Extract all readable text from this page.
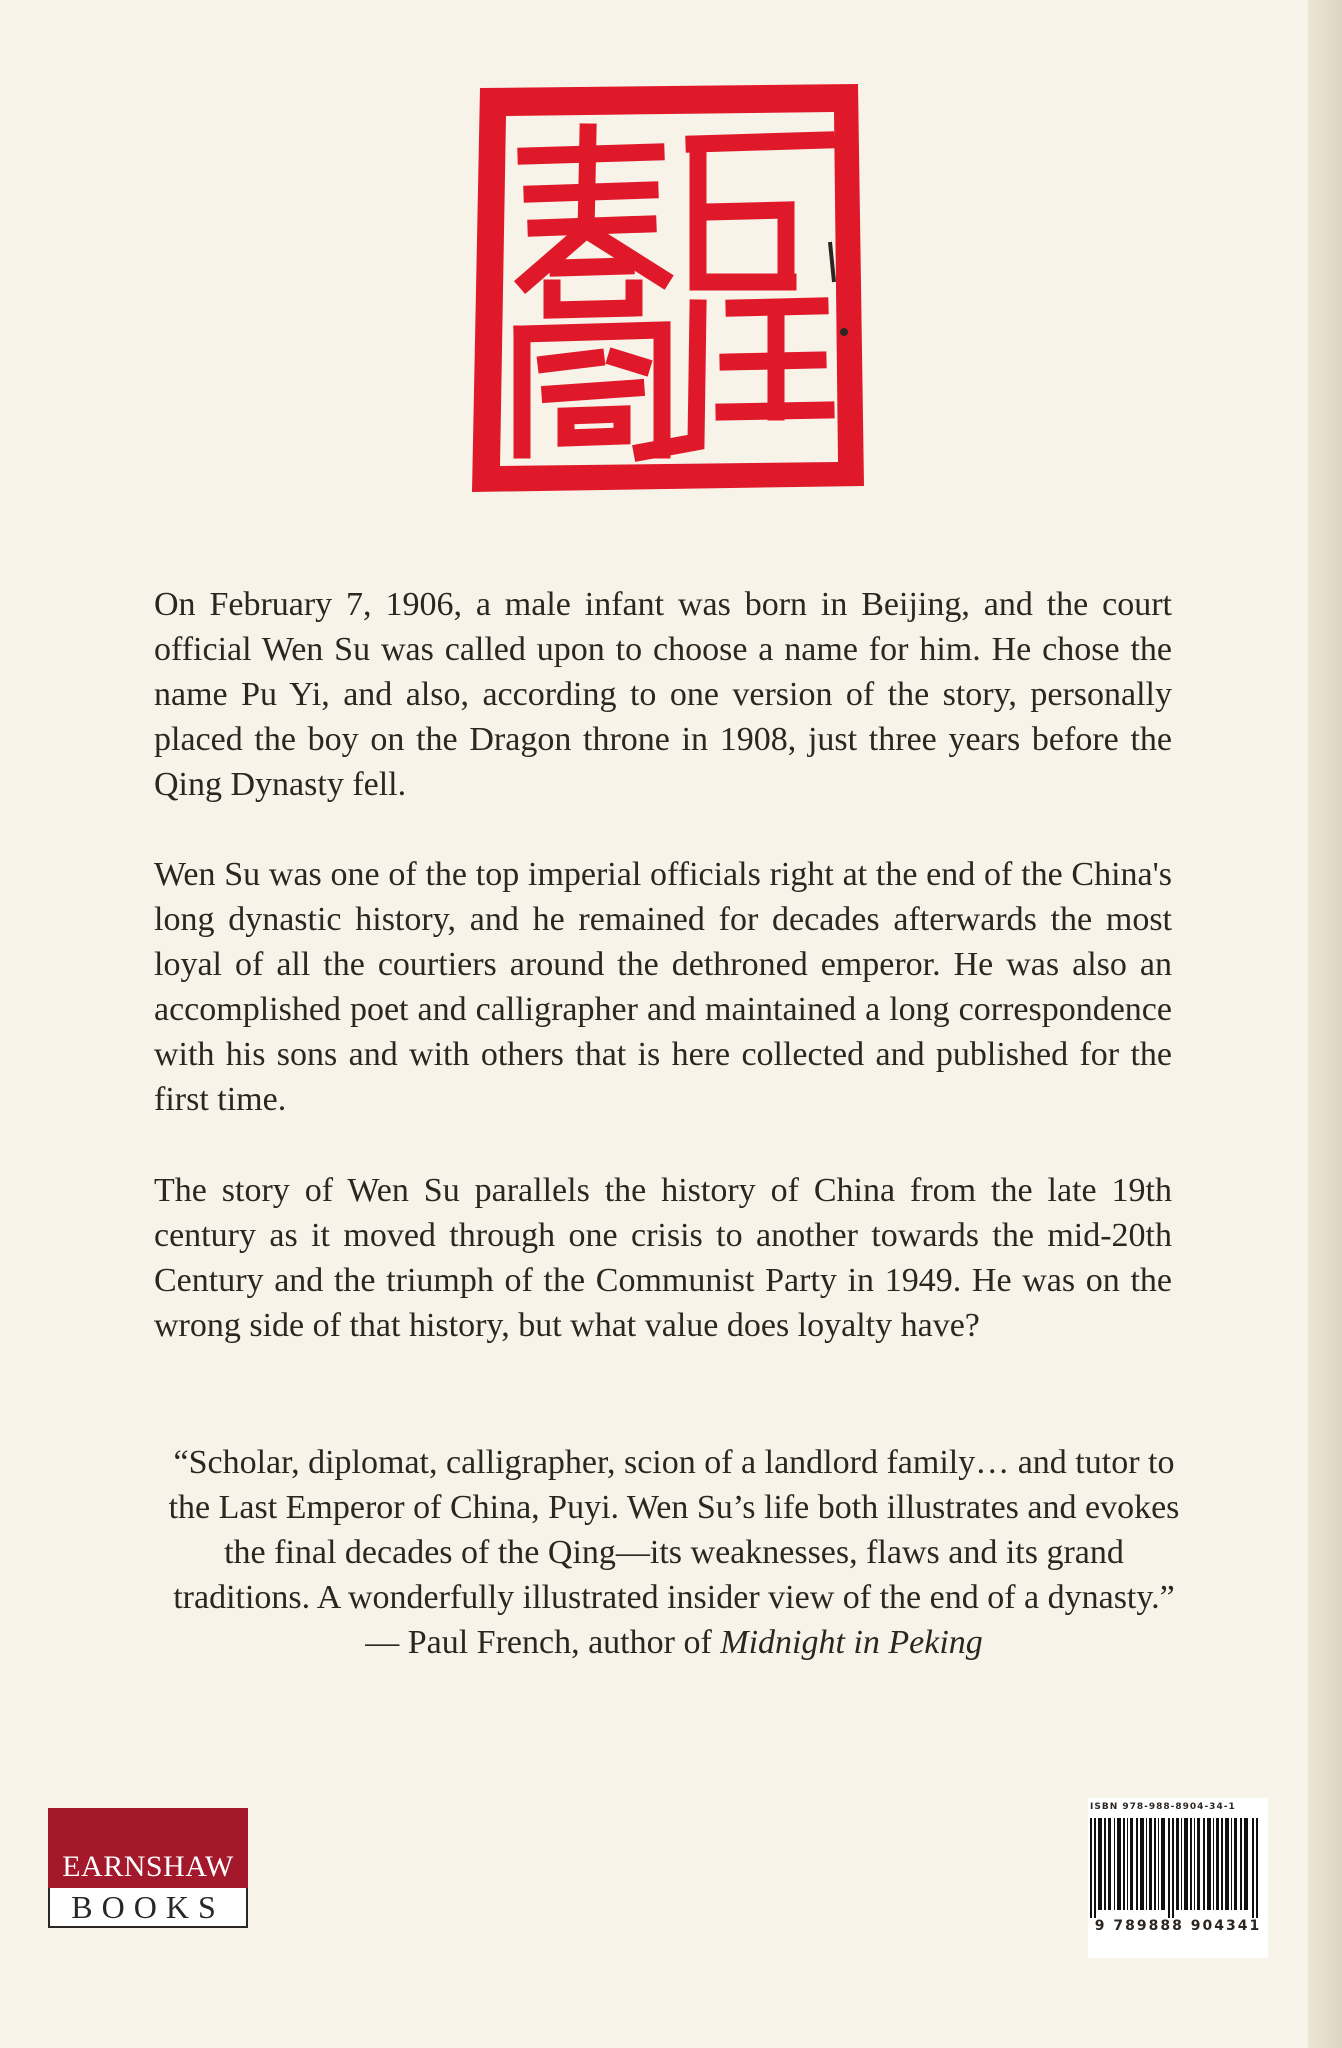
On February 7, 1906, a male infant was born in Beijing, and the court official Wen Su was called upon to choose a name for him. He chose the name Pu Yi, and also, according to one version of the story, personally placed the boy on the Dragon throne in 1908, just three years before the Qing Dynasty fell.

Wen Su was one of the top imperial officials right at the end of the China's long dynastic history, and he remained for decades afterwards the most loyal of all the courtiers around the dethroned emperor. He was also an accomplished poet and calligrapher and maintained a long correspondence with his sons and with others that is here collected and published for the first time.

The story of Wen Su parallels the history of China from the late 19th century as it moved through one crisis to another towards the mid-20th Century and the triumph of the Communist Party in 1949. He was on the wrong side of that history, but what value does loyalty have?

“Scholar, diplomat, calligrapher, scion of a landlord family… and tutor to the Last Emperor of China, Puyi. Wen Su’s life both illustrates and evokes the final decades of the Qing—its weaknesses, flaws and its grand traditions. A wonderfully illustrated insider view of the end of a dynasty.”
— Paul French, author of Midnight in Peking
EARNSHAW
BOOKS
ISBN 978-988-8904-34-1
9 789888 904341
